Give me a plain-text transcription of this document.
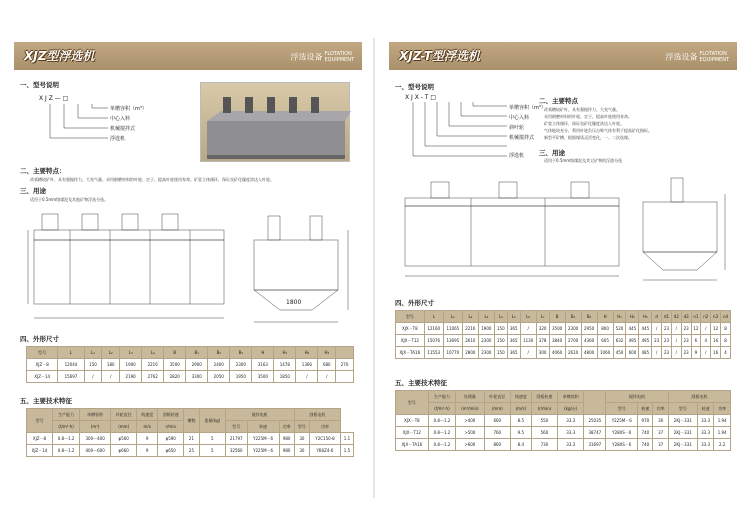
XJZ型浮选机	浮选设备 FLOTATION
EQUIPMENT
一、型号说明
X J Z — □
单槽容积（m³）
中心入料
机械搅拌式
浮选机
二、主要特点：
改氧槽较矿叶、具有强搅拌力、大充气量。采用耐磨材料的叶轮、定子，提高叶轮使用寿命。矿浆立体循环，保证良矿化爆度浓达入叶轮。
三、用途
适用于0.5mm级煤泥及其他矿物浮选分选。
1800
四、外形尺寸
型号	L	L₁	L₂	L₃	L₄	B	B₁	B₂	B₃	H	H₁	H₂	H₃	
XJZ－8	12044	150	180	1900	2216	3500	2900	2400	2300	3163	1478	1366	680	270
XJZ－14	15697	/	/	2190	2762	2820	3300	2050	1950	3500	1850	/	/	
五、主要技术特征
型号	生产能力	单槽容积	叶轮直径	线速度	刮板转速	槽数	重量(kg)	搅拌电机			刮板电机		
	(t/m³·h)	(m³)	(mm)	m/s	r/min			型号	转速	功率	型号	功率	
XJZ－8	0.8～1.2	300～400	φ560	9	φ590	21	5	21797	Y225M－6	980	30	Y2C150-8	1.1
XJZ－14	0.8～1.2	400～600	φ660	9	φ650	25	5	32560	Y225M－6	980	30	YB0Z4-6	1.5
XJZ-T型浮选机	浮选设备 FLOTATION
EQUIPMENT
一、型号说明
X J X - T □
单槽容积（m³）
中心入料
斜叶轮
机械搅拌式
浮选机
二、主要特点
改氧槽较矿叶、具有强搅拌力、大充气量。
采用耐磨材料的叶轮、定子，提高叶轮使用寿命。
矿浆立体循环，保证良矿化爆度浓达入叶轮。
气体能较充分，利用叶轮负压自吸气体有利于提高矿化指标。
新型平矿槽，根据煤质灵活变化，一、二次选煤。
三、用途
适用于0.5mm级煤泥及其它矿物的浮游分选
四、外形尺寸
型号	L	L₁	L₂	L₃	L₄	L₅	L₆	L₇	B	B₁	B₂	H	H₁	H₂	H₃	d	d1	d2	d3	n1	n2	n3	n4
XJX－T8	12160	11065	2216	1900	150	365	/	320	3500	2300	2950	800	520	445	445	/	23	/	23	12	/	12	8
XJX－T12	15076	13695	2610	2300	150	365	1130	378	3840	2700	4360	605	632	495	495	23	23	/	23	6	4	16	8
XJX－TA16	11553	10770	2800	2300	150	365	/	300	4060	2610	4800	1060	450	600	485	/	23	/	23	9	/	16	4
五、主要技术特征
型号	生产能力	处理量	叶轮直径	线速度	刮板转速	单槽容积		搅拌电机			刮板电机		
	(t/m³·h)	(m³/min)	(mm)	(m/s)	(r/min)	(kg/台)		型号	转速	功率	型号	转速	功率
XJX－T8	0.8～1.2	>400	660	8.5	550	33.3	25035	Y225M－6	970	30	2KJ－331	33.3	1.94
XJX－T12	0.8～1.2	>500	760	9.5	560	33.3	38747	Y280S－6	740	37	2KJ－331	33.3	1.94
XJX－TA16	0.8～1.2	>600	860	8.4	730	33.3	31697	Y280S－6	740	37	2KJ－331	33.3	2.2
